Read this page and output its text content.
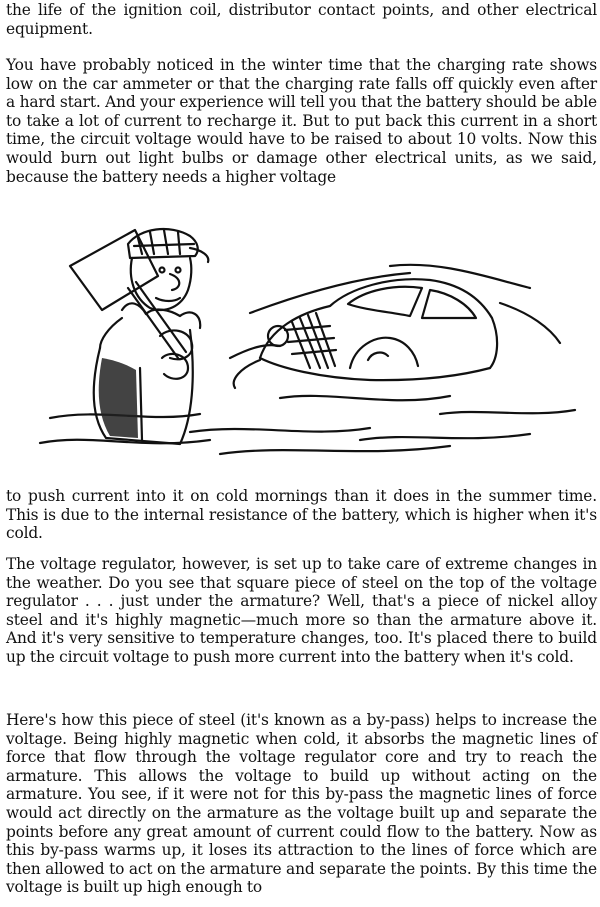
the life of the ignition coil, distributor contact points, and other electrical equipment.

You have probably noticed in the winter time that the charging rate shows low on the car ammeter or that the charging rate falls off quickly even after a hard start. And your experience will tell you that the battery should be able to take a lot of current to recharge it. But to put back this current in a short time, the circuit voltage would have to be raised to about 10 volts. Now this would burn out light bulbs or damage other electrical units, as we said, because the battery needs a higher voltage

to push current into it on cold mornings than it does in the summer time. This is due to the internal resistance of the battery, which is higher when it's cold.

The voltage regulator, however, is set up to take care of extreme changes in the weather. Do you see that square piece of steel on the top of the voltage regulator . . . just under the armature? Well, that's a piece of nickel alloy steel and it's highly magnetic—much more so than the armature above it. And it's very sensitive to temperature changes, too. It's placed there to build up the circuit voltage to push more current into the battery when it's cold.

Here's how this piece of steel (it's known as a by-pass) helps to increase the voltage. Being highly magnetic when cold, it absorbs the magnetic lines of force that flow through the voltage regulator core and try to reach the armature. This allows the voltage to build up without acting on the armature. You see, if it were not for this by-pass the magnetic lines of force would act directly on the armature as the voltage built up and separate the points before any great amount of current could flow to the battery. Now as this by-pass warms up, it loses its attraction to the lines of force which are then allowed to act on the armature and separate the points. By this time the voltage is built up high enough to
